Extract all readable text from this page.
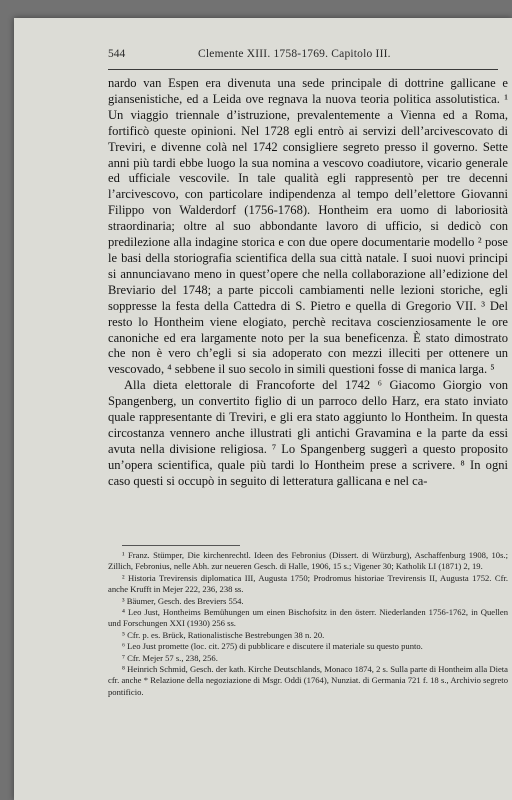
544	Clemente XIII. 1758-1769. Capitolo III.

nardo van Espen era divenuta una sede principale di dottrine gallicane e giansenistiche, ed a Leida ove regnava la nuova teoria politica assolutistica. ¹ Un viaggio triennale d’istruzione, prevalentemente a Vienna ed a Roma, fortificò queste opinioni. Nel 1728 egli entrò ai servizi dell’arcivescovato di Treviri, e divenne colà nel 1742 consigliere segreto presso il governo. Sette anni più tardi ebbe luogo la sua nomina a vescovo coadiutore, vicario generale ed ufficiale vescovile. In tale qualità egli rappresentò per tre decenni l’arcivescovo, con particolare indipendenza al tempo dell’elettore Giovanni Filippo von Walderdorf (1756-1768). Hontheim era uomo di laboriosità straordinaria; oltre al suo abbondante lavoro di ufficio, si dedicò con predilezione alla indagine storica e con due opere documentarie modello ² pose le basi della storiografia scientifica della sua città natale. I suoi nuovi principi si annunciavano meno in quest’opere che nella collaborazione all’edizione del Breviario del 1748; a parte piccoli cambiamenti nelle lezioni storiche, egli soppresse la festa della Cattedra di S. Pietro e quella di Gregorio VII. ³ Del resto lo Hontheim viene elogiato, perchè recitava coscienziosamente le ore canoniche ed era largamente noto per la sua beneficenza. È stato dimostrato che non è vero ch’egli si sia adoperato con mezzi illeciti per ottenere un vescovado, ⁴ sebbene il suo secolo in simili questioni fosse di manica larga. ⁵

Alla dieta elettorale di Francoforte del 1742 ⁶ Giacomo Giorgio von Spangenberg, un convertito figlio di un parroco dello Harz, era stato inviato quale rappresentante di Treviri, e gli era stato aggiunto lo Hontheim. In questa circostanza vennero anche illustrati gli antichi Gravamina e la parte da essi avuta nella divisione religiosa. ⁷ Lo Spangenberg suggerì a questo proposito un’opera scientifica, quale più tardi lo Hontheim prese a scrivere. ⁸ In ogni caso questi si occupò in seguito di letteratura gallicana e nel ca-

¹ Franz. Stümper, Die kirchenrechtl. Ideen des Febronius (Dissert. di Würzburg), Aschaffenburg 1908, 10s.; Zillich, Febronius, nelle Abh. zur neueren Gesch. di Halle, 1906, 15 s.; Vigener 30; Katholik LI (1871) 2, 19.

² Historia Trevirensis diplomatica III, Augusta 1750; Prodromus historiae Trevirensis II, Augusta 1752. Cfr. anche Krufft in Mejer 222, 236, 238 ss.

³ Bäumer, Gesch. des Breviers 554.

⁴ Leo Just, Hontheims Bemühungen um einen Bischofsitz in den österr. Niederlanden 1756-1762, in Quellen und Forschungen XXI (1930) 256 ss.

⁵ Cfr. p. es. Brück, Rationalistische Bestrebungen 38 n. 20.

⁶ Leo Just promette (loc. cit. 275) di pubblicare e discutere il materiale su questo punto.

⁷ Cfr. Mejer 57 s., 238, 256.

⁸ Heinrich Schmid, Gesch. der kath. Kirche Deutschlands, Monaco 1874, 2 s. Sulla parte di Hontheim alla Dieta cfr. anche * Relazione della negoziazione di Msgr. Oddi (1764), Nunziat. di Germania 721 f. 18 s., Archivio segreto pontificio.
